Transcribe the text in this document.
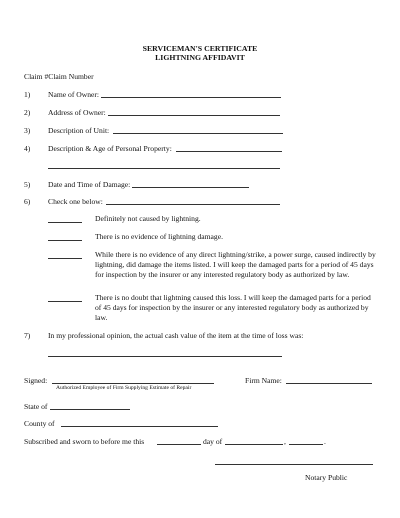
SERVICEMAN'S CERTIFICATE
LIGHTNING AFFIDAVIT
Claim #Claim Number
1) Name of Owner:
2) Address of Owner:
3) Description of Unit:
4) Description & Age of Personal Property:
5) Date and Time of Damage:
6) Check one below:
Definitely not caused by lightning.
There is no evidence of lightning damage.
While there is no evidence of any direct lightning/strike, a power surge, caused indirectly by lightning, did damage the items listed. I will keep the damaged parts for a period of 45 days for inspection by the insurer or any interested regulatory body as authorized by law.
There is no doubt that lightning caused this loss. I will keep the damaged parts for a period of 45 days for inspection by the insurer or any interested regulatory body as authorized by law.
7) In my professional opinion, the actual cash value of the item at the time of loss was:
Signed:
Authorized Employee of Firm Supplying Estimate of Repair
Firm Name:
State of
County of
Subscribed and sworn to before me this	day of	,	.
Notary Public
